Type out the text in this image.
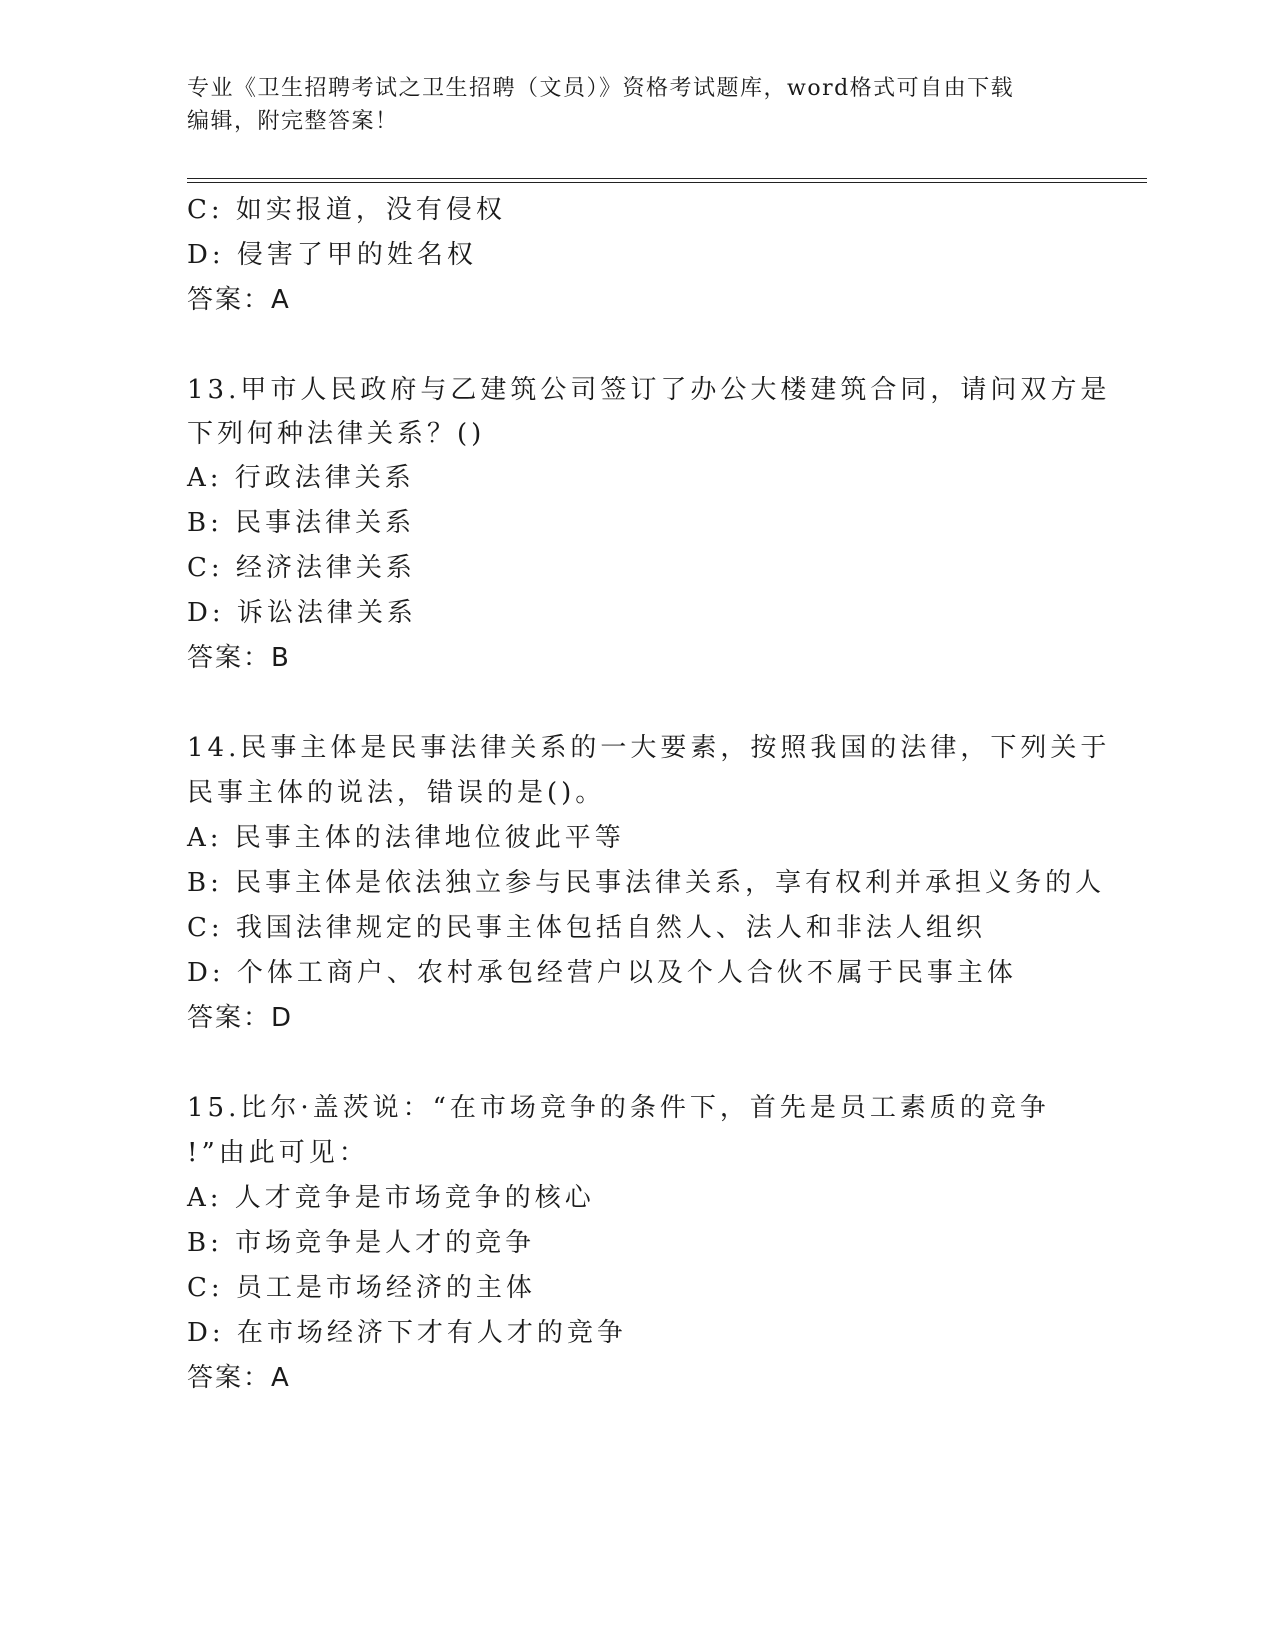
专业《卫生招聘考试之卫生招聘（文员）》资格考试题库，word格式可自由下载
编辑，附完整答案！
C: 如实报道，没有侵权
D: 侵害了甲的姓名权
答案：A
13.甲市人民政府与乙建筑公司签订了办公大楼建筑合同，请问双方是
下列何种法律关系？()
A: 行政法律关系
B: 民事法律关系
C: 经济法律关系
D: 诉讼法律关系
答案：B
14.民事主体是民事法律关系的一大要素，按照我国的法律，下列关于
民事主体的说法，错误的是()。
A: 民事主体的法律地位彼此平等
B: 民事主体是依法独立参与民事法律关系，享有权利并承担义务的人
C: 我国法律规定的民事主体包括自然人、法人和非法人组织
D: 个体工商户、农村承包经营户以及个人合伙不属于民事主体
答案：D
15.比尔·盖茨说：“在市场竞争的条件下，首先是员工素质的竞争
!”由此可见：
A: 人才竞争是市场竞争的核心
B: 市场竞争是人才的竞争
C: 员工是市场经济的主体
D: 在市场经济下才有人才的竞争
答案：A
